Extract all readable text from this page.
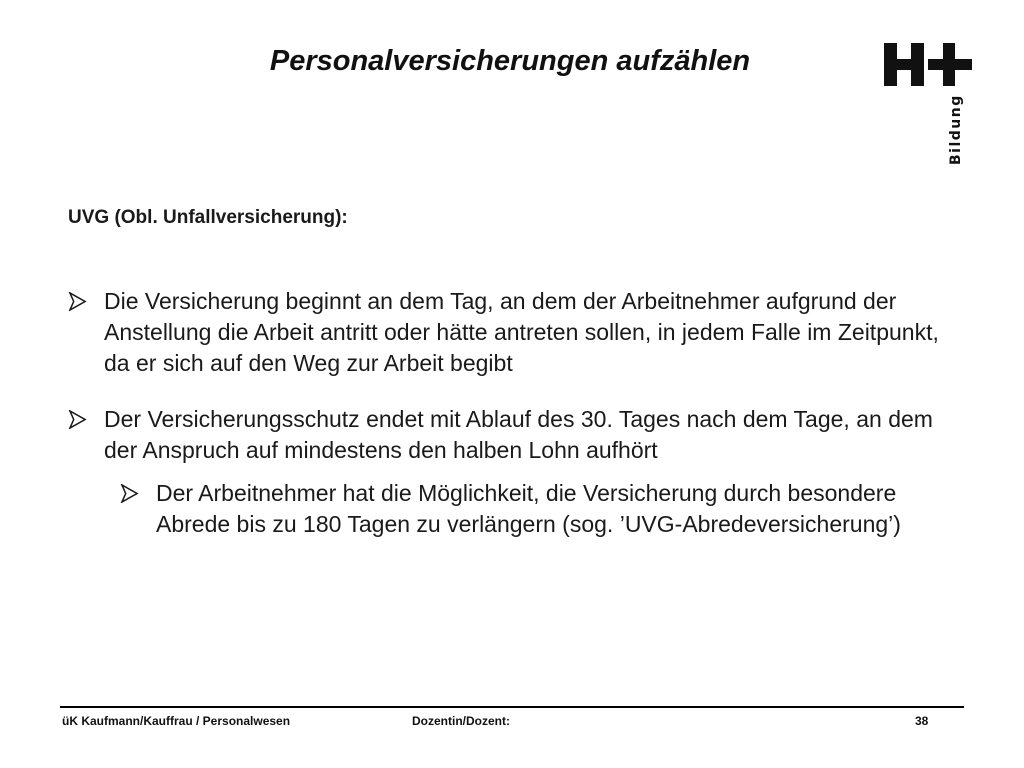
Personalversicherungen aufzählen
Bildung
UVG (Obl. Unfallversicherung):
Die Versicherung beginnt an dem Tag, an dem der Arbeitnehmer aufgrund der Anstellung die Arbeit antritt oder hätte antreten sollen, in jedem Falle im Zeitpunkt, da er sich auf den Weg zur Arbeit begibt
Der Versicherungsschutz endet mit Ablauf des 30. Tages nach dem Tage, an dem der Anspruch auf mindestens den halben Lohn aufhört
Der Arbeitnehmer hat die Möglichkeit, die Versicherung durch besondere Abrede bis zu 180 Tagen zu verlängern (sog. ’UVG-Abredeversicherung’)
üK Kaufmann/Kauffrau / Personalwesen	Dozentin/Dozent:	38
